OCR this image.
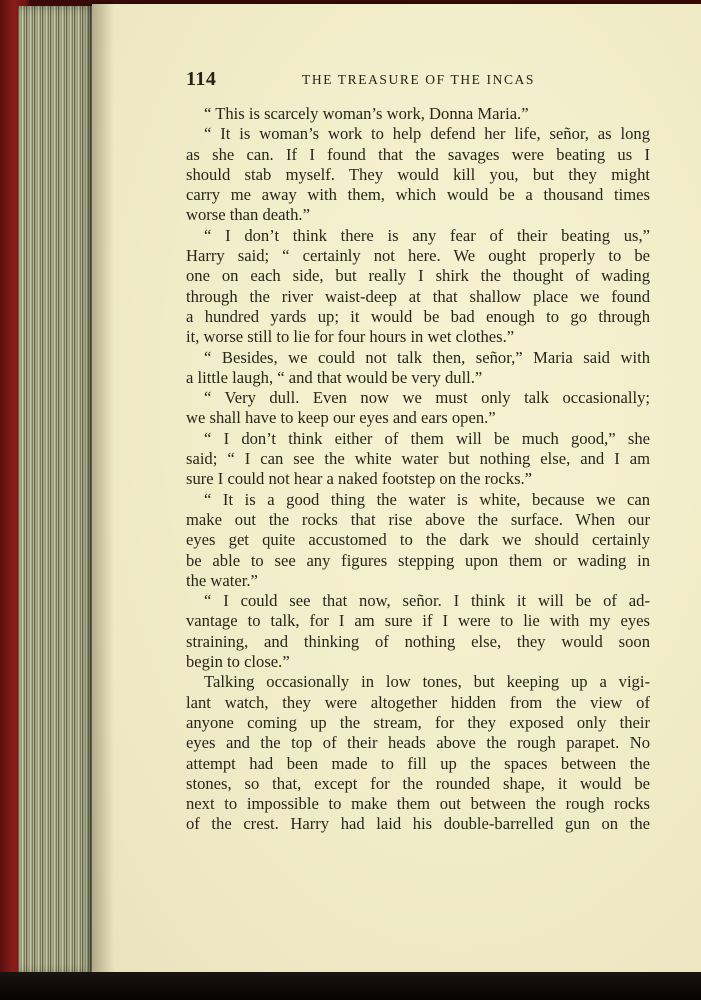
114	THE TREASURE OF THE INCAS
“ This is scarcely woman’s work, Donna Maria.”
“ It is woman’s work to help defend her life, señor, as long
as she can. If I found that the savages were beating us I
should stab myself. They would kill you, but they might
carry me away with them, which would be a thousand times
worse than death.”
“ I don’t think there is any fear of their beating us,”
Harry said; “ certainly not here. We ought properly to be
one on each side, but really I shirk the thought of wading
through the river waist-deep at that shallow place we found
a hundred yards up; it would be bad enough to go through
it, worse still to lie for four hours in wet clothes.”
“ Besides, we could not talk then, señor,” Maria said with
a little laugh, “ and that would be very dull.”
“ Very dull. Even now we must only talk occasionally;
we shall have to keep our eyes and ears open.”
“ I don’t think either of them will be much good,” she
said; “ I can see the white water but nothing else, and I am
sure I could not hear a naked footstep on the rocks.”
“ It is a good thing the water is white, because we can
make out the rocks that rise above the surface. When our
eyes get quite accustomed to the dark we should certainly
be able to see any figures stepping upon them or wading in
the water.”
“ I could see that now, señor. I think it will be of ad-
vantage to talk, for I am sure if I were to lie with my eyes
straining, and thinking of nothing else, they would soon
begin to close.”
Talking occasionally in low tones, but keeping up a vigi-
lant watch, they were altogether hidden from the view of
anyone coming up the stream, for they exposed only their
eyes and the top of their heads above the rough parapet. No
attempt had been made to fill up the spaces between the
stones, so that, except for the rounded shape, it would be
next to impossible to make them out between the rough rocks
of the crest. Harry had laid his double-barrelled gun on the
